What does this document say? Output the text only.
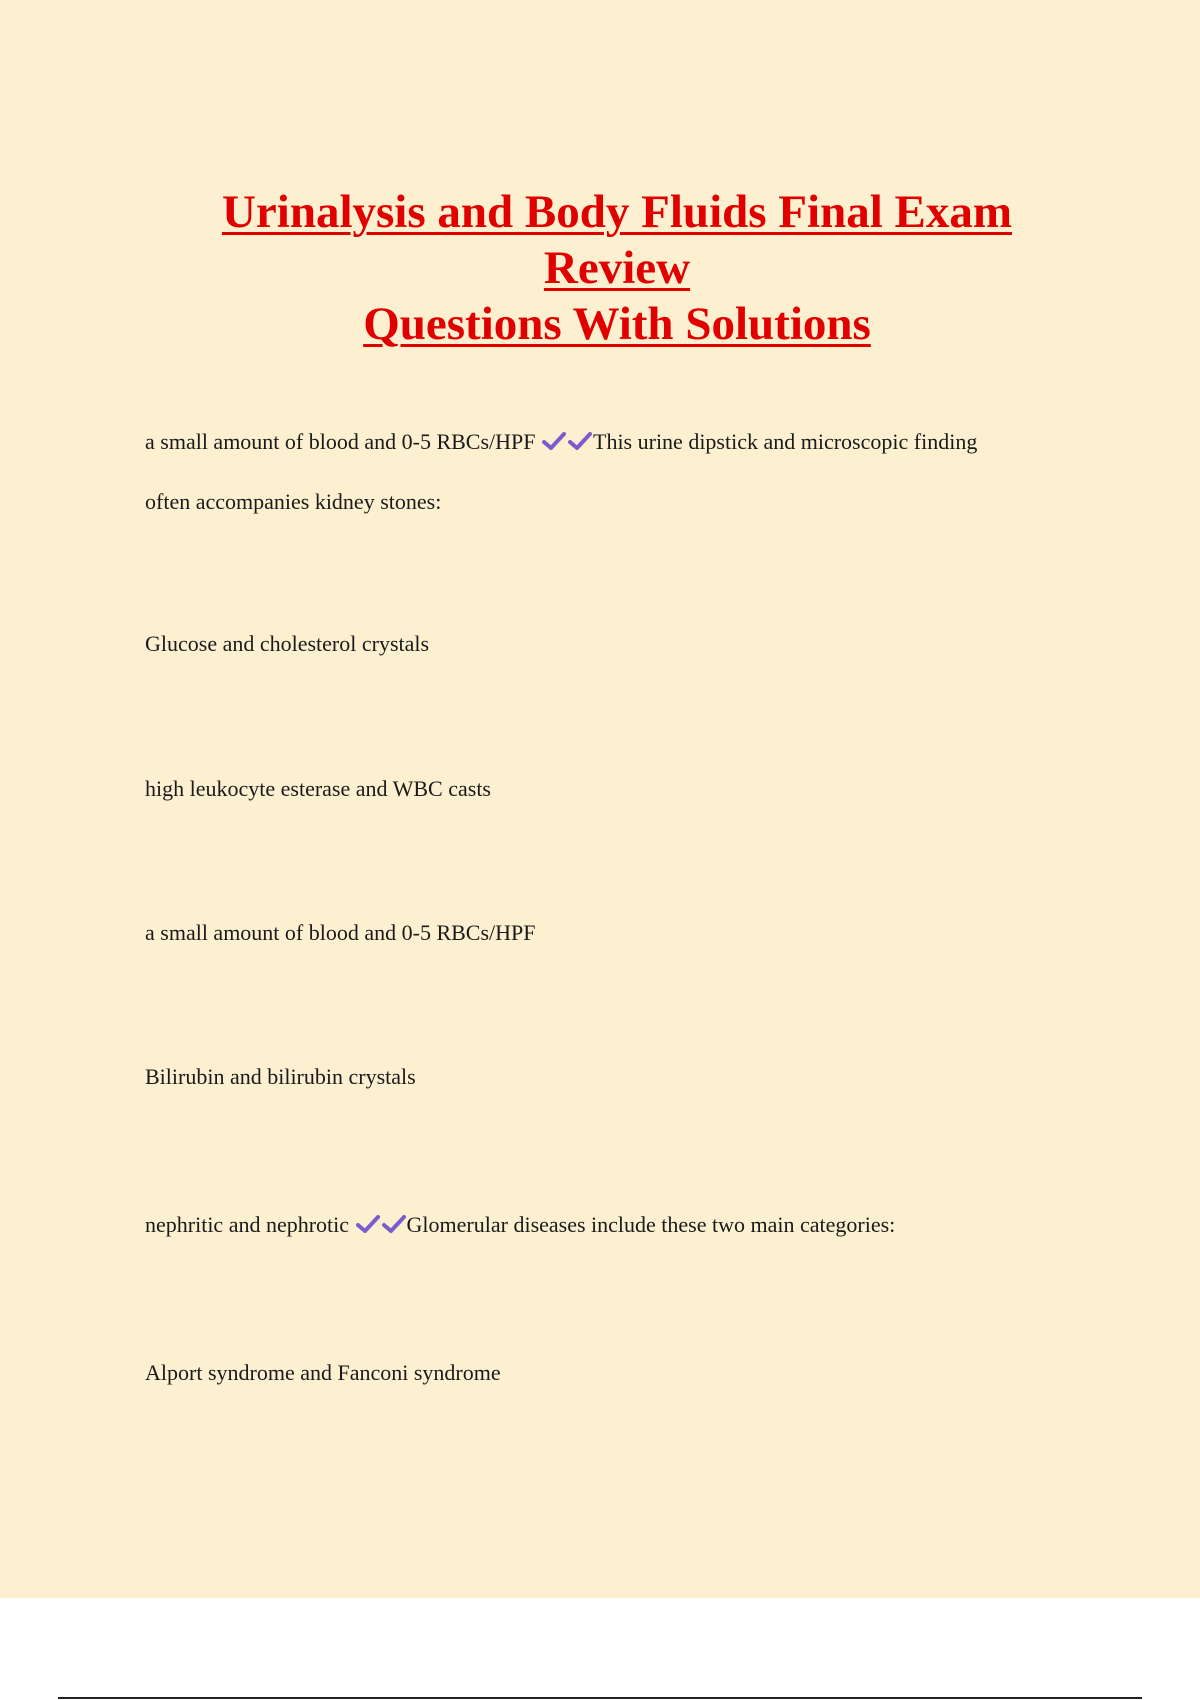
Urinalysis and Body Fluids Final Exam
Review
Questions With Solutions

a small amount of blood and 0-5 RBCs/HPF	This urine dipstick and microscopic finding
often accompanies kidney stones:

Glucose and cholesterol crystals

high leukocyte esterase and WBC casts

a small amount of blood and 0-5 RBCs/HPF

Bilirubin and bilirubin crystals

nephritic and nephrotic	Glomerular diseases include these two main categories:

Alport syndrome and Fanconi syndrome
